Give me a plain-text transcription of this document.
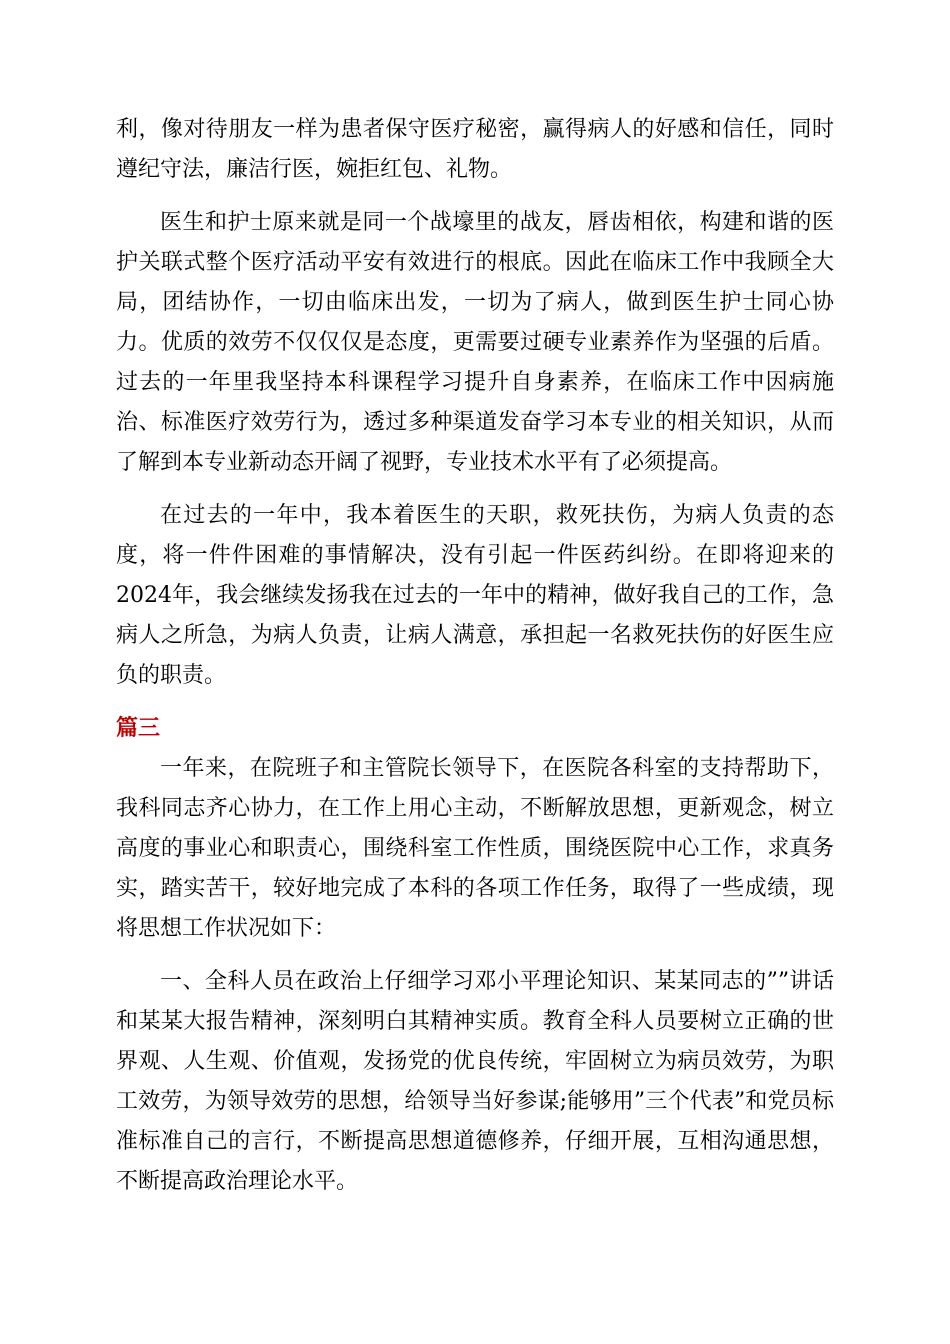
利，像对待朋友一样为患者保守医疗秘密，赢得病人的好感和信任，同时遵纪守法，廉洁行医，婉拒红包、礼物。

医生和护士原来就是同一个战壕里的战友，唇齿相依，构建和谐的医护关联式整个医疗活动平安有效进行的根底。因此在临床工作中我顾全大局，团结协作，一切由临床出发，一切为了病人，做到医生护士同心协力。优质的效劳不仅仅仅是态度，更需要过硬专业素养作为坚强的后盾。过去的一年里我坚持本科课程学习提升自身素养，在临床工作中因病施治、标准医疗效劳行为，透过多种渠道发奋学习本专业的相关知识，从而了解到本专业新动态开阔了视野，专业技术水平有了必须提高。

在过去的一年中，我本着医生的天职，救死扶伤，为病人负责的态度，将一件件困难的事情解决，没有引起一件医药纠纷。在即将迎来的2024年，我会继续发扬我在过去的一年中的精神，做好我自己的工作，急病人之所急，为病人负责，让病人满意，承担起一名救死扶伤的好医生应负的职责。

篇三

一年来，在院班子和主管院长领导下，在医院各科室的支持帮助下，我科同志齐心协力，在工作上用心主动，不断解放思想，更新观念，树立高度的事业心和职责心，围绕科室工作性质，围绕医院中心工作，求真务实，踏实苦干，较好地完成了本科的各项工作任务，取得了一些成绩，现将思想工作状况如下：

一、全科人员在政治上仔细学习邓小平理论知识、某某同志的””讲话和某某大报告精神，深刻明白其精神实质。教育全科人员要树立正确的世界观、人生观、价值观，发扬党的优良传统，牢固树立为病员效劳，为职工效劳，为领导效劳的思想，给领导当好参谋;能够用”三个代表”和党员标准标准自己的言行，不断提高思想道德修养，仔细开展，互相沟通思想，不断提高政治理论水平。
